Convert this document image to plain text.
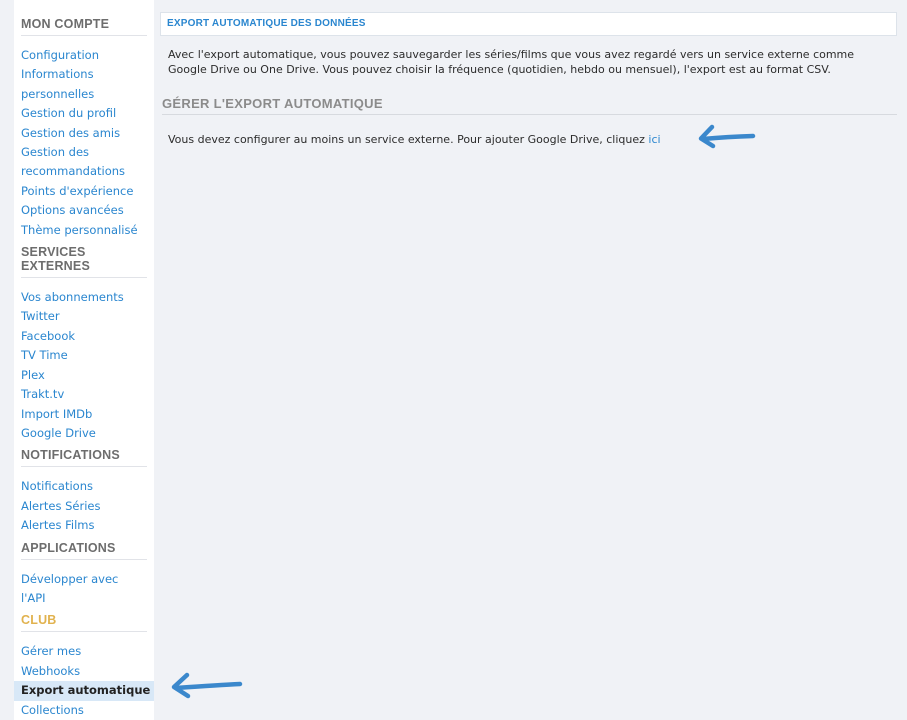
MON COMPTE
Configuration
Informations
personnelles
Gestion du profil
Gestion des amis
Gestion des
recommandations
Points d'expérience
Options avancées
Thème personnalisé
SERVICES
EXTERNES
Vos abonnements
Twitter
Facebook
TV Time
Plex
Trakt.tv
Import IMDb
Google Drive
NOTIFICATIONS
Notifications
Alertes Séries
Alertes Films
APPLICATIONS
Développer avec
l'API
CLUB
Gérer mes
Webhooks
Export automatique
Collections
EXPORT AUTOMATIQUE DES DONNÉES
Avec l'export automatique, vous pouvez sauvegarder les séries/films que vous avez regardé vers un service externe comme
Google Drive ou One Drive. Vous pouvez choisir la fréquence (quotidien, hebdo ou mensuel), l'export est au format CSV.
GÉRER L'EXPORT AUTOMATIQUE
Vous devez configurer au moins un service externe. Pour ajouter Google Drive, cliquez ici
